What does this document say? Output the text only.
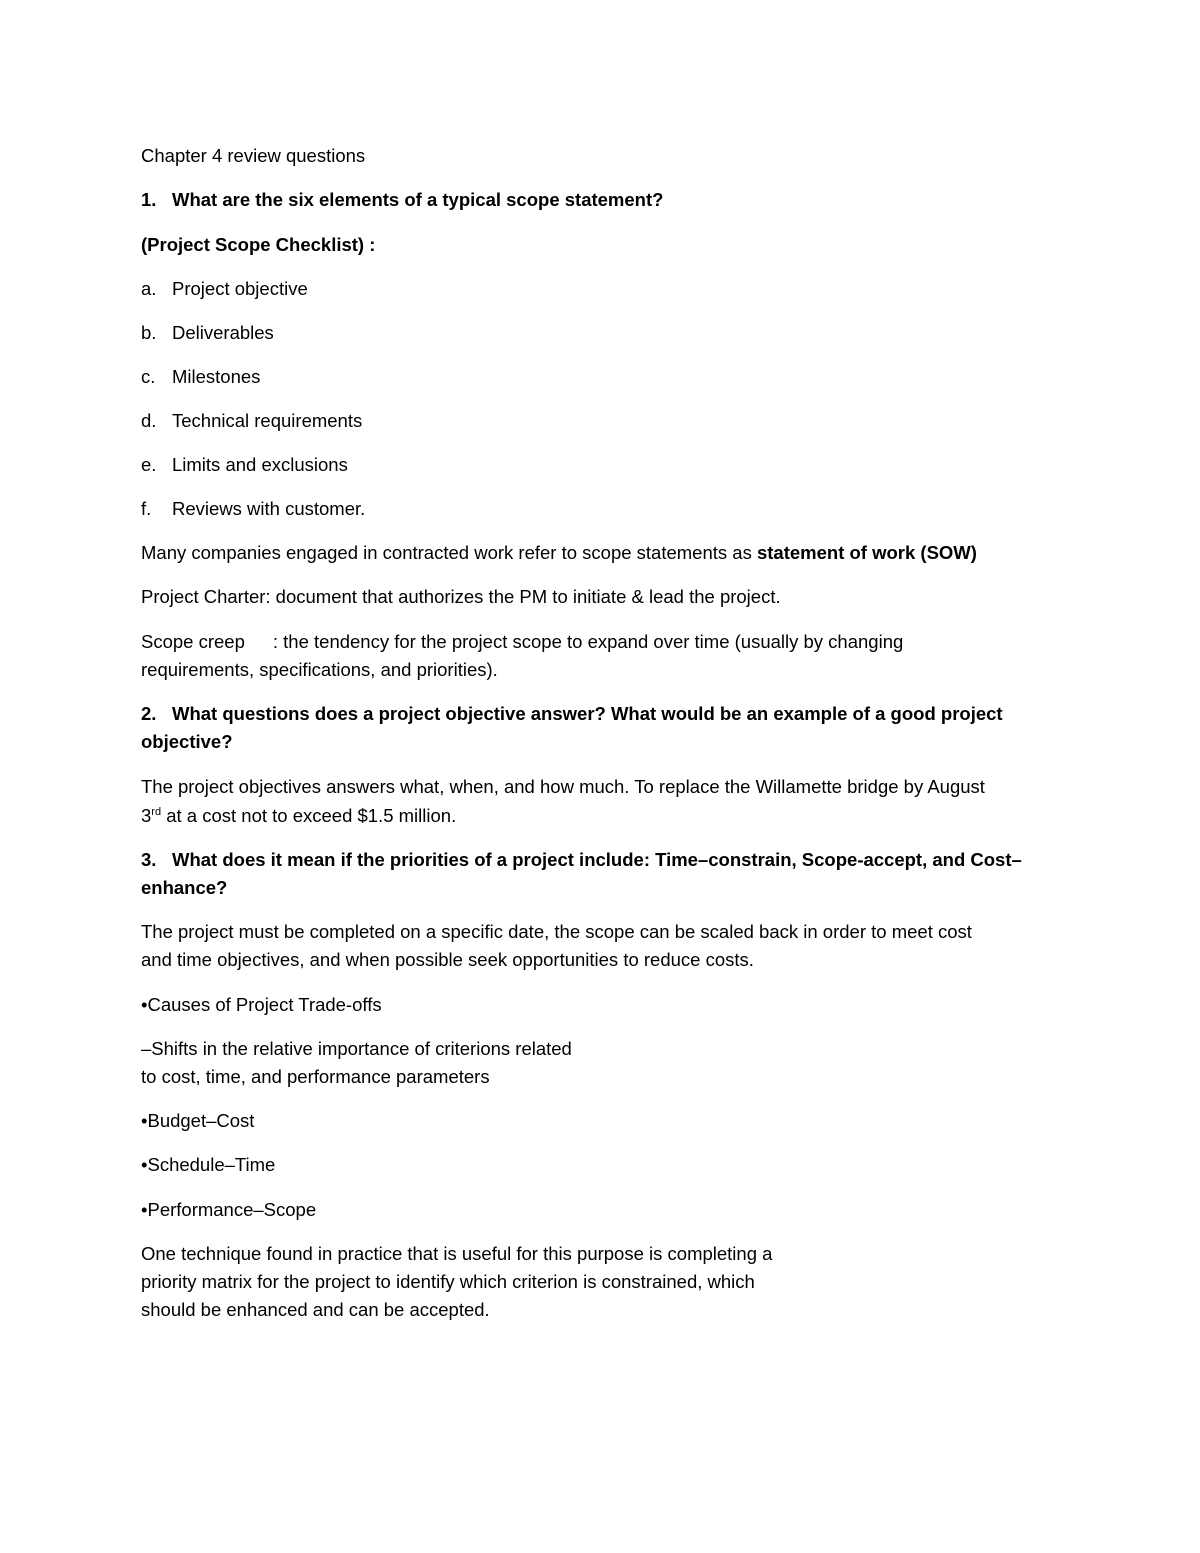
Chapter 4 review questions
1. What are the six elements of a typical scope statement?
(Project Scope Checklist) :
a. Project objective
b. Deliverables
c. Milestones
d. Technical requirements
e. Limits and exclusions
f. Reviews with customer.
Many companies engaged in contracted work refer to scope statements as statement of work (SOW)
Project Charter: document that authorizes the PM to initiate & lead the project.
Scope creep : the tendency for the project scope to expand over time (usually by changing
requirements, specifications, and priorities).
2. What questions does a project objective answer? What would be an example of a good project
objective?
The project objectives answers what, when, and how much. To replace the Willamette bridge by August
3rd at a cost not to exceed $1.5 million.
3. What does it mean if the priorities of a project include: Time–constrain, Scope-accept, and Cost–
enhance?
The project must be completed on a specific date, the scope can be scaled back in order to meet cost
and time objectives, and when possible seek opportunities to reduce costs.
•Causes of Project Trade-offs
–Shifts in the relative importance of criterions related
to cost, time, and performance parameters
•Budget–Cost
•Schedule–Time
•Performance–Scope
One technique found in practice that is useful for this purpose is completing a
priority matrix for the project to identify which criterion is constrained, which
should be enhanced and can be accepted.
